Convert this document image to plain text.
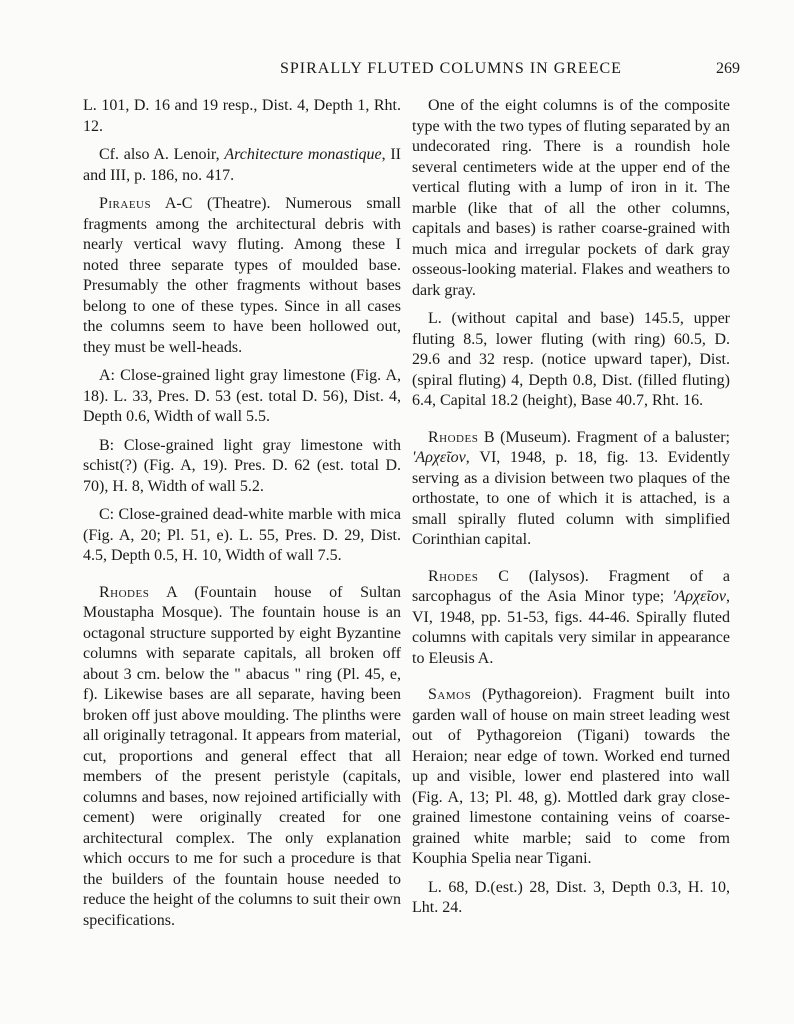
SPIRALLY FLUTED COLUMNS IN GREECE	269

L. 101, D. 16 and 19 resp., Dist. 4, Depth 1, Rht. 12.

Cf. also A. Lenoir, Architecture monastique, II and III, p. 186, no. 417.

Piraeus A-C (Theatre). Numerous small fragments among the architectural debris with nearly vertical wavy fluting. Among these I noted three separate types of moulded base. Presumably the other fragments without bases belong to one of these types. Since in all cases the columns seem to have been hollowed out, they must be well-heads.

A: Close-grained light gray limestone (Fig. A, 18). L. 33, Pres. D. 53 (est. total D. 56), Dist. 4, Depth 0.6, Width of wall 5.5.

B: Close-grained light gray limestone with schist(?) (Fig. A, 19). Pres. D. 62 (est. total D. 70), H. 8, Width of wall 5.2.

C: Close-grained dead-white marble with mica (Fig. A, 20; Pl. 51, e). L. 55, Pres. D. 29, Dist. 4.5, Depth 0.5, H. 10, Width of wall 7.5.

Rhodes A (Fountain house of Sultan Moustapha Mosque). The fountain house is an octagonal structure supported by eight Byzantine columns with separate capitals, all broken off about 3 cm. below the " abacus " ring (Pl. 45, e, f). Likewise bases are all separate, having been broken off just above moulding. The plinths were all originally tetragonal. It appears from material, cut, proportions and general effect that all members of the present peristyle (capitals, columns and bases, now rejoined artificially with cement) were originally created for one architectural complex. The only explanation which occurs to me for such a procedure is that the builders of the fountain house needed to reduce the height of the columns to suit their own specifications.

One of the eight columns is of the composite type with the two types of fluting separated by an undecorated ring. There is a roundish hole several centimeters wide at the upper end of the vertical fluting with a lump of iron in it. The marble (like that of all the other columns, capitals and bases) is rather coarse-grained with much mica and irregular pockets of dark gray osseous-looking material. Flakes and weathers to dark gray.

L. (without capital and base) 145.5, upper fluting 8.5, lower fluting (with ring) 60.5, D. 29.6 and 32 resp. (notice upward taper), Dist. (spiral fluting) 4, Depth 0.8, Dist. (filled fluting) 6.4, Capital 18.2 (height), Base 40.7, Rht. 16.

Rhodes B (Museum). Fragment of a baluster; 'Αρχεῖον, VI, 1948, p. 18, fig. 13. Evidently serving as a division between two plaques of the orthostate, to one of which it is attached, is a small spirally fluted column with simplified Corinthian capital.

Rhodes C (Ialysos). Fragment of a sarcophagus of the Asia Minor type; 'Αρχεῖον, VI, 1948, pp. 51-53, figs. 44-46. Spirally fluted columns with capitals very similar in appearance to Eleusis A.

Samos (Pythagoreion). Fragment built into garden wall of house on main street leading west out of Pythagoreion (Tigani) towards the Heraion; near edge of town. Worked end turned up and visible, lower end plastered into wall (Fig. A, 13; Pl. 48, g). Mottled dark gray close-grained limestone containing veins of coarse-grained white marble; said to come from Kouphia Spelia near Tigani.

L. 68, D.(est.) 28, Dist. 3, Depth 0.3, H. 10, Lht. 24.
